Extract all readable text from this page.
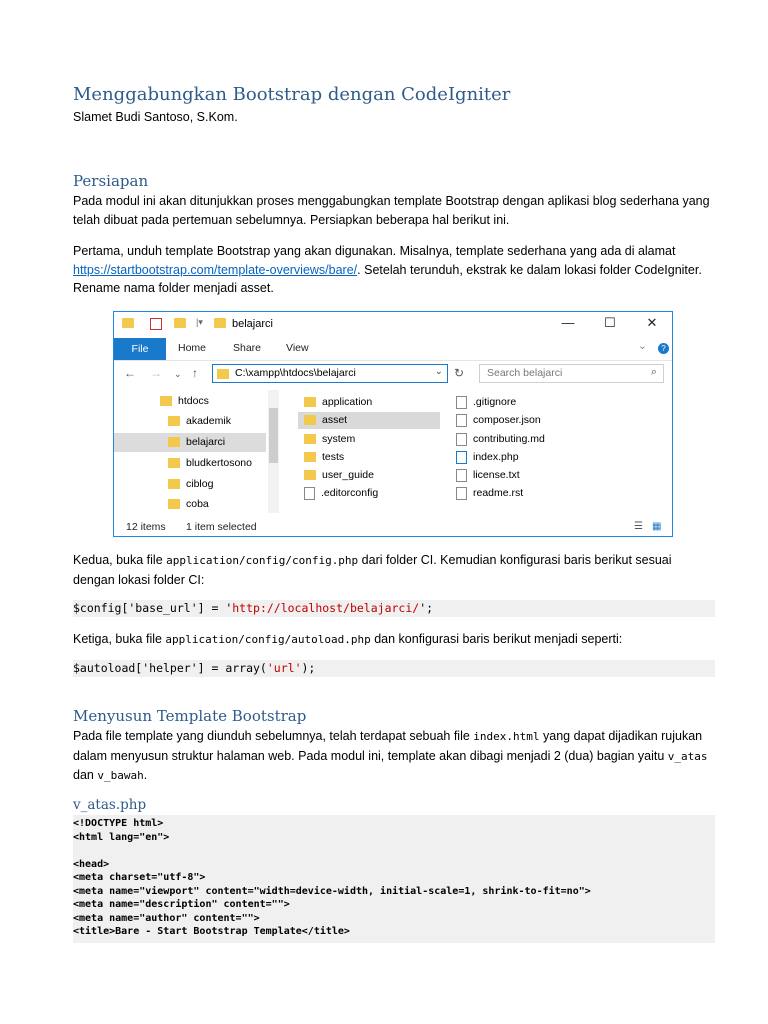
Menggabungkan Bootstrap dengan CodeIgniter
Slamet Budi Santoso, S.Kom.
Persiapan
Pada modul ini akan ditunjukkan proses menggabungkan template Bootstrap dengan aplikasi blog sederhana yang telah dibuat pada pertemuan sebelumnya. Persiapkan beberapa hal berikut ini.
Pertama, unduh template Bootstrap yang akan digunakan. Misalnya, template sederhana yang ada di alamat https://startbootstrap.com/template-overviews/bare/. Setelah terunduh, ekstrak ke dalam lokasi folder CodeIgniter. Rename nama folder menjadi asset.
Kedua, buka file application/config/config.php dari folder CI. Kemudian konfigurasi baris berikut sesuai dengan lokasi folder CI:
$config['base_url'] = 'http://localhost/belajarci/';
Ketiga, buka file application/config/autoload.php dan konfigurasi baris berikut menjadi seperti:
$autoload['helper'] = array('url');
Menyusun Template Bootstrap
Pada file template yang diunduh sebelumnya, telah terdapat sebuah file index.html yang dapat dijadikan rujukan dalam menyusun struktur halaman web. Pada modul ini, template akan dibagi menjadi 2 (dua) bagian yaitu v_atas dan v_bawah.
v_atas.php
<!DOCTYPE html>
<html lang="en">

<head>
<meta charset="utf-8">
<meta name="viewport" content="width=device-width, initial-scale=1, shrink-to-fit=no">
<meta name="description" content="">
<meta name="author" content="">
<title>Bare - Start Bootstrap Template</title>
|▾	belajarci	—	☐	✕
File	Home	Share View	⌄	?
← → ⌄ ↑	C:\xampp\htdocs\belajarci	⌄ ↻ Search belajarci	⌕
htdocs
akademik
belajarci
bludkertosono
ciblog
coba
application
asset
system
tests
user_guide
.editorconfig
.gitignore
composer.json
contributing.md
index.php
license.txt
readme.rst
12 items 1 item selected	☰ ▦
